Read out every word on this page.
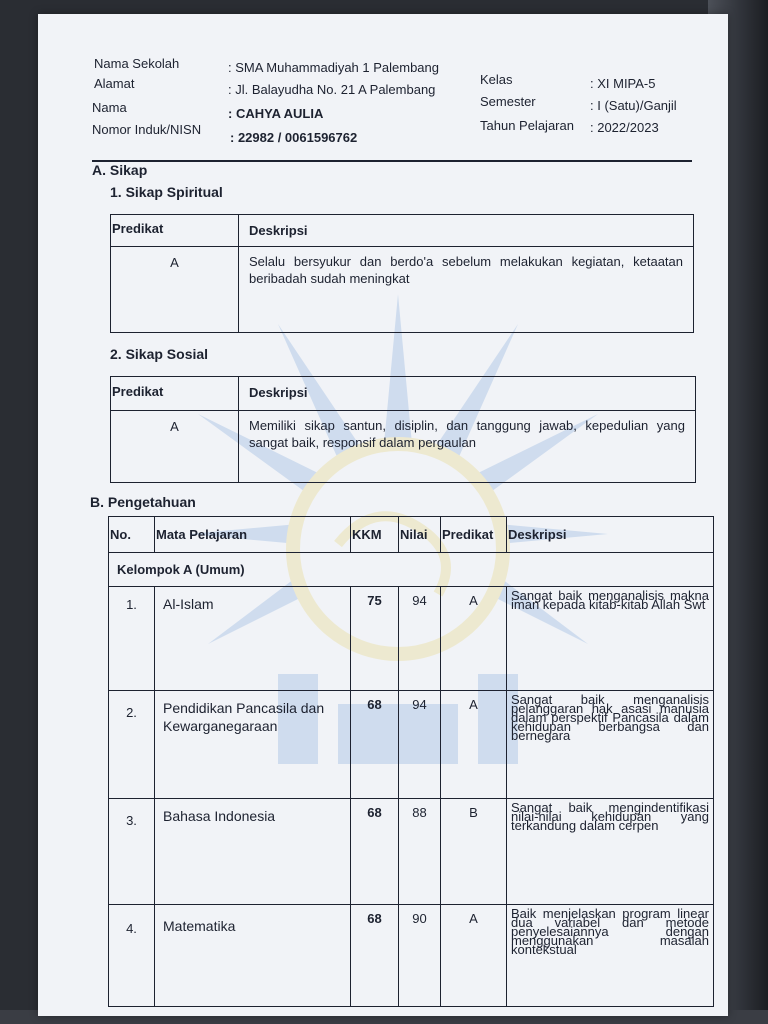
Nama Sekolah	: SMA Muhammadiyah 1 Palembang
Alamat	: Jl. Balayudha No. 21 A Palembang
Nama	: CAHYA AULIA
Nomor Induk/NISN
: 22982 / 0061596762
Kelas	: XI MIPA-5
Semester	: I (Satu)/Ganjil
Tahun Pelajaran : 2022/2023
A. Sikap
1. Sikap Spiritual
Predikat	Deskripsi
A	Selalu bersyukur dan berdo'a sebelum melakukan kegiatan, ketaatan beribadah sudah meningkat
2. Sikap Sosial
Predikat	Deskripsi
A	Memiliki sikap santun, disiplin, dan tanggung jawab, kepedulian yang sangat baik, responsif dalam pergaulan
B. Pengetahuan
No.	Mata Pelajaran	KKM	Nilai	Predikat	Deskripsi
Kelompok A (Umum)					
1.	Al-Islam	75	94	A	Sangat baik menganalisis makna iman kepada kitab-kitab Allah Swt
2.	Pendidikan Pancasila dan Kewarganegaraan	68	94	A	Sangat baik menganalisis pelanggaran hak asasi manusia dalam perspektif Pancasila dalam kehidupan berbangsa dan bernegara
3.	Bahasa Indonesia	68	88	B	Sangat baik mengindentifikasi nilai-nilai kehidupan yang terkandung dalam cerpen
4.	Matematika	68	90	A	Baik menjelaskan program linear dua variabel dan metode penyelesaiannya dengan menggunakan masalah kontekstual
